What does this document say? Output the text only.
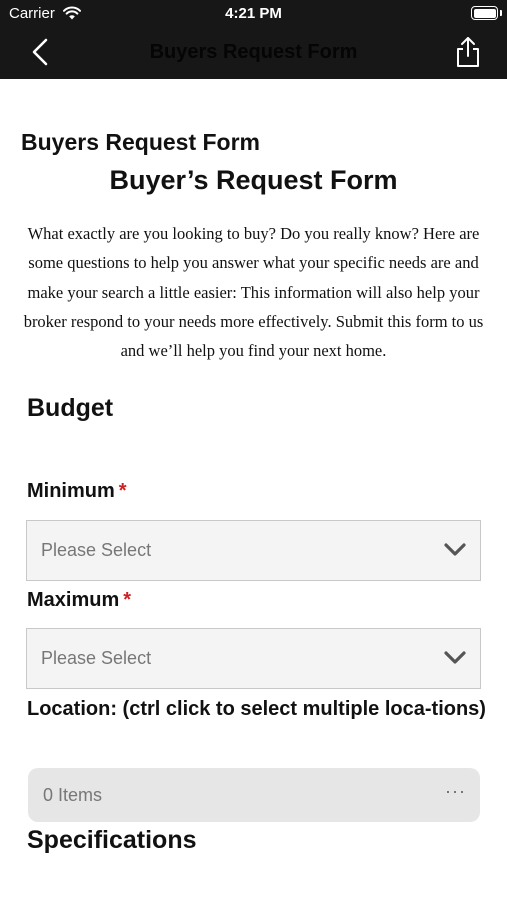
Carrier	4:21 PM
Buyers Request Form
Buyers Request Form
Buyer’s Request Form

What exactly are you looking to buy? Do you really know? Here are some questions to help you answer what your specific needs are and make your search a little easier: This information will also help your broker respond to your needs more effectively. Submit this form to us and we’ll help you find your next home.

Budget
Minimum *
Please Select
Maximum *
Please Select
Location: (ctrl click to select multiple loca-tions)
0 Items	···
Specifications
